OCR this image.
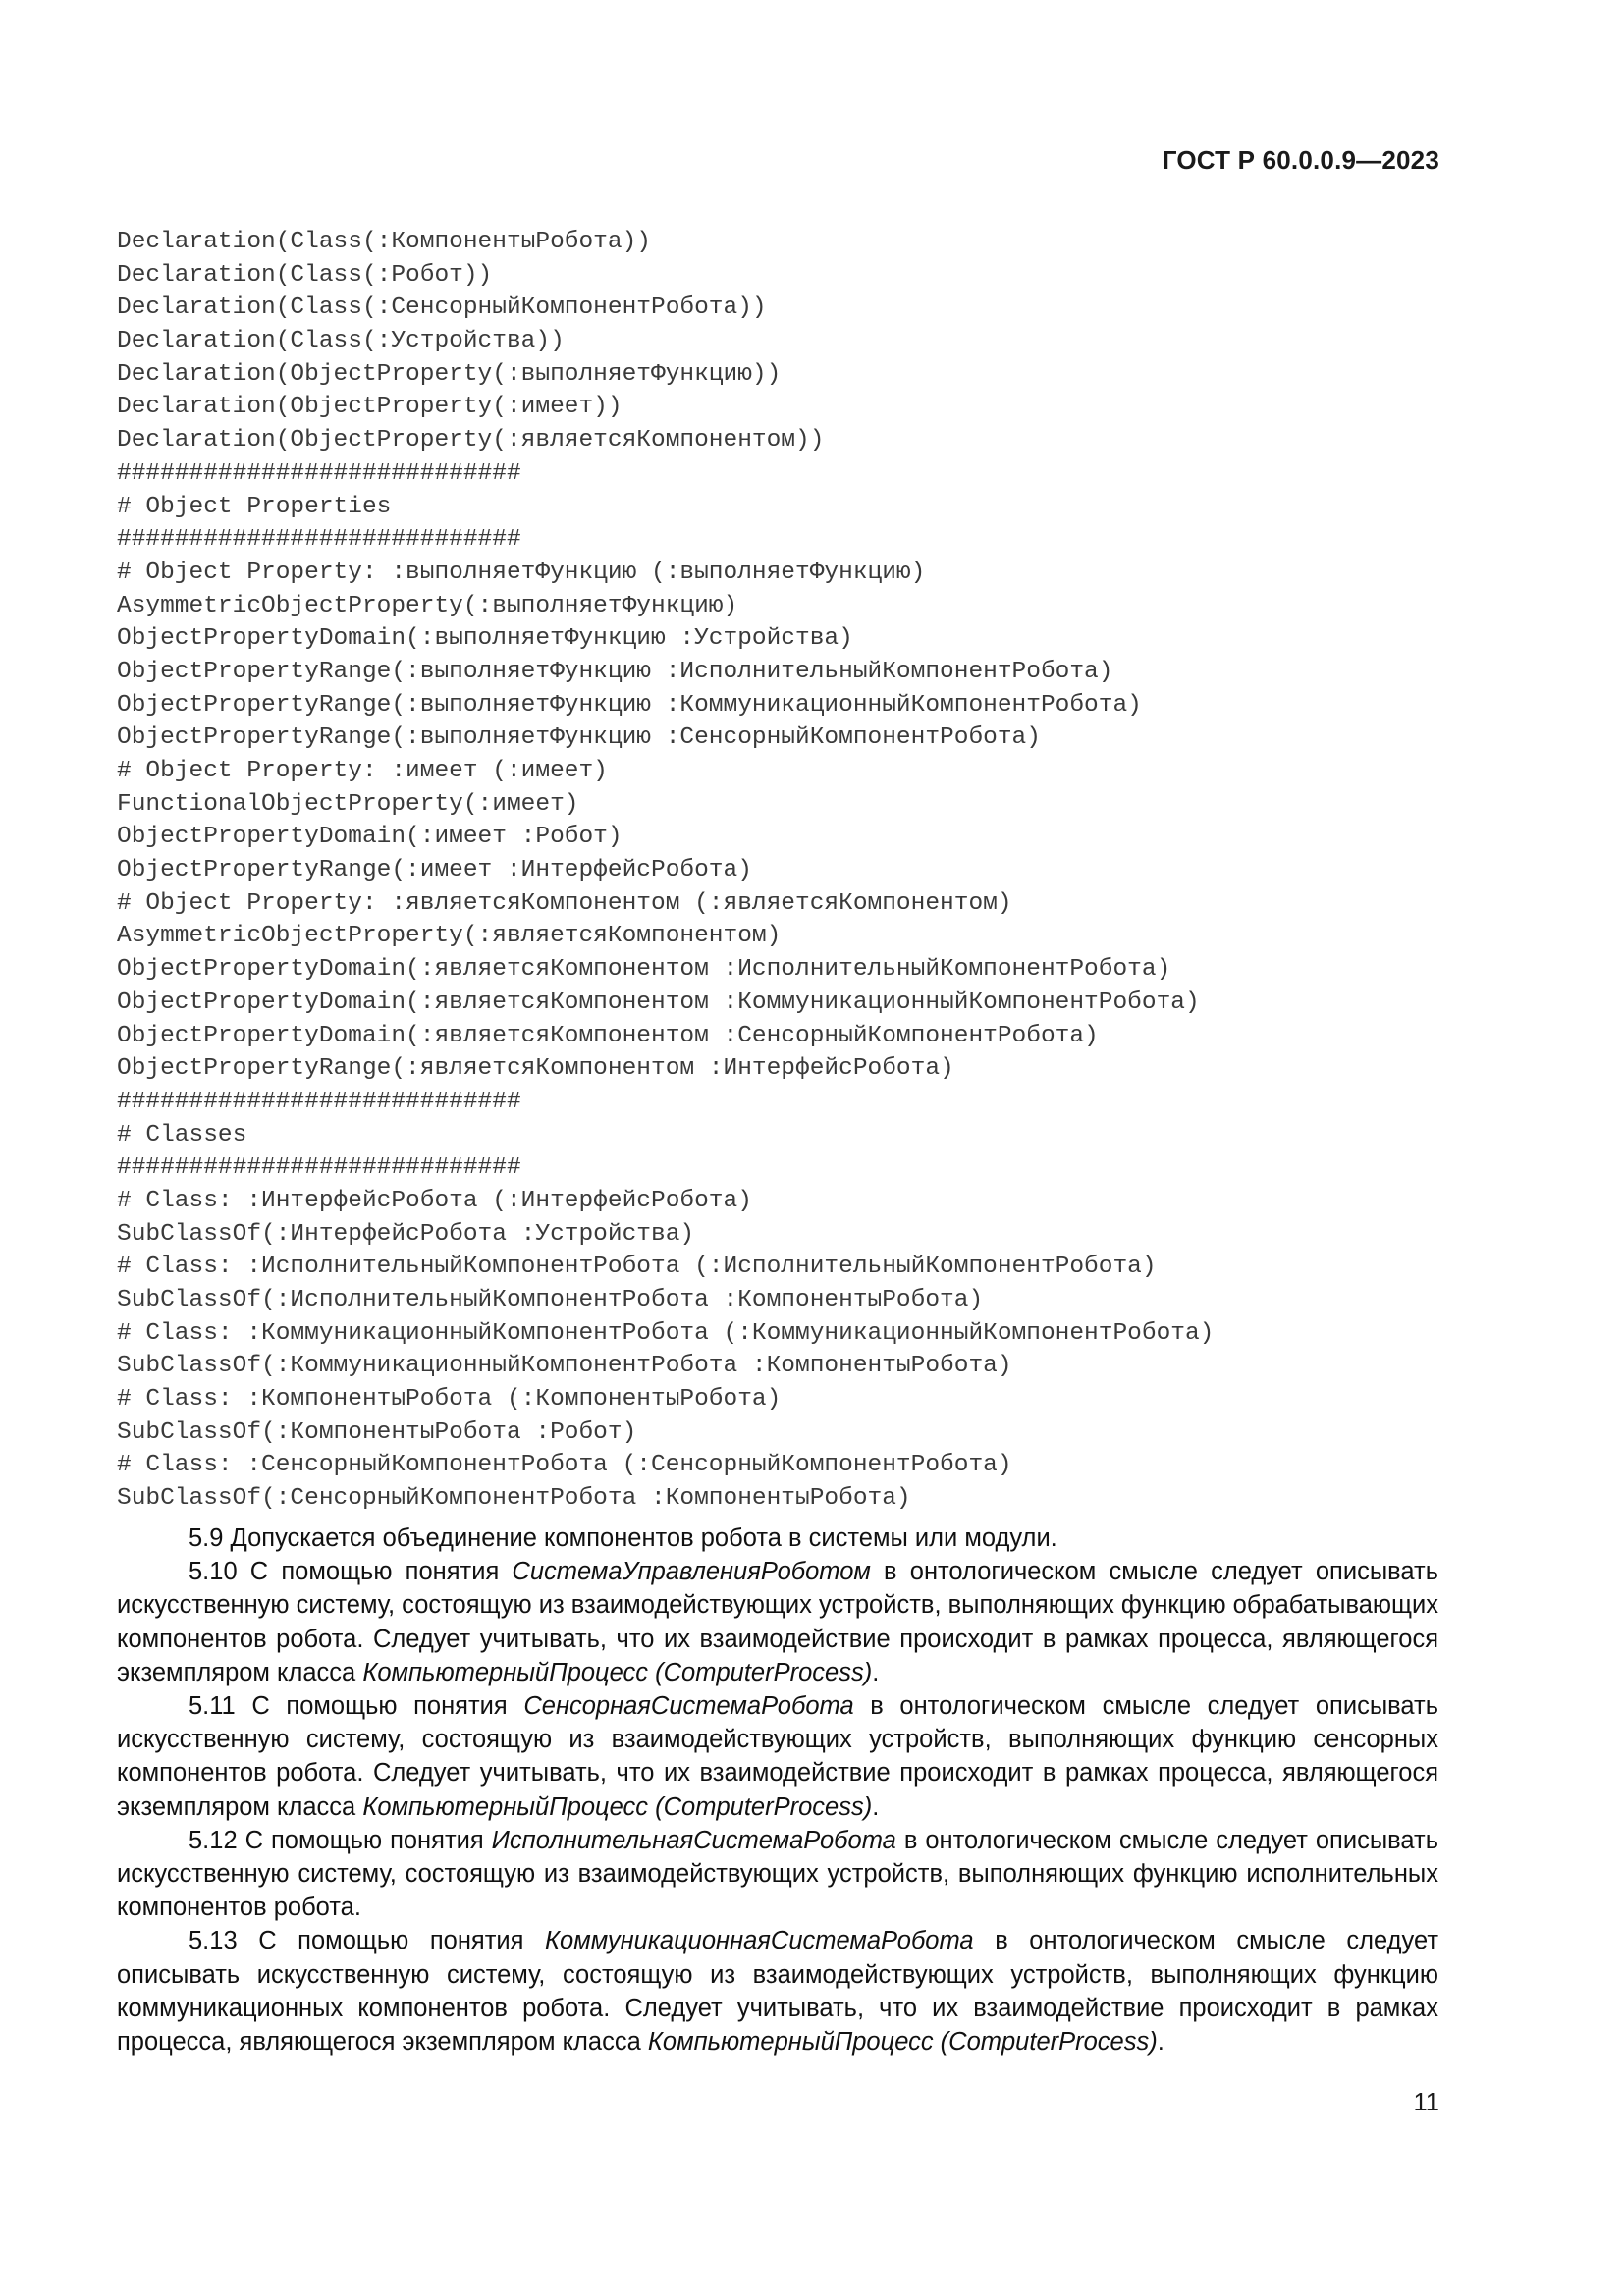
ГОСТ Р 60.0.0.9—2023
Declaration(Class(:КомпонентыРобота))
Declaration(Class(:Робот))
Declaration(Class(:СенсорныйКомпонентРобота))
Declaration(Class(:Устройства))
Declaration(ObjectProperty(:выполняетФункцию))
Declaration(ObjectProperty(:имеет))
Declaration(ObjectProperty(:являетсяКомпонентом))
############################
# Object Properties
############################
# Object Property: :выполняетФункцию (:выполняетФункцию)
AsymmetricObjectProperty(:выполняетФункцию)
ObjectPropertyDomain(:выполняетФункцию :Устройства)
ObjectPropertyRange(:выполняетФункцию :ИсполнительныйКомпонентРобота)
ObjectPropertyRange(:выполняетФункцию :КоммуникационныйКомпонентРобота)
ObjectPropertyRange(:выполняетФункцию :СенсорныйКомпонентРобота)
# Object Property: :имеет (:имеет)
FunctionalObjectProperty(:имеет)
ObjectPropertyDomain(:имеет :Робот)
ObjectPropertyRange(:имеет :ИнтерфейсРобота)
# Object Property: :являетсяКомпонентом (:являетсяКомпонентом)
AsymmetricObjectProperty(:являетсяКомпонентом)
ObjectPropertyDomain(:являетсяКомпонентом :ИсполнительныйКомпонентРобота)
ObjectPropertyDomain(:являетсяКомпонентом :КоммуникационныйКомпонентРобота)
ObjectPropertyDomain(:являетсяКомпонентом :СенсорныйКомпонентРобота)
ObjectPropertyRange(:являетсяКомпонентом :ИнтерфейсРобота)
############################
# Classes
############################
# Class: :ИнтерфейсРобота (:ИнтерфейсРобота)
SubClassOf(:ИнтерфейсРобота :Устройства)
# Class: :ИсполнительныйКомпонентРобота (:ИсполнительныйКомпонентРобота)
SubClassOf(:ИсполнительныйКомпонентРобота :КомпонентыРобота)
# Class: :КоммуникационныйКомпонентРобота (:КоммуникационныйКомпонентРобота)
SubClassOf(:КоммуникационныйКомпонентРобота :КомпонентыРобота)
# Class: :КомпонентыРобота (:КомпонентыРобота)
SubClassOf(:КомпонентыРобота :Робот)
# Class: :СенсорныйКомпонентРобота (:СенсорныйКомпонентРобота)
SubClassOf(:СенсорныйКомпонентРобота :КомпонентыРобота)

5.9 Допускается объединение компонентов робота в системы или модули.

5.10 С помощью понятия СистемаУправленияРоботом в онтологическом смысле следует описывать искусственную систему, состоящую из взаимодействующих устройств, выполняющих функцию обрабатывающих компонентов робота. Следует учитывать, что их взаимодействие происходит в рамках процесса, являющегося экземпляром класса КомпьютерныйПроцесс (ComputerProcess).

5.11 С помощью понятия СенсорнаяСистемаРобота в онтологическом смысле следует описывать искусственную систему, состоящую из взаимодействующих устройств, выполняющих функцию сенсорных компонентов робота. Следует учитывать, что их взаимодействие происходит в рамках процесса, являющегося экземпляром класса КомпьютерныйПроцесс (ComputerProcess).

5.12 С помощью понятия ИсполнительнаяСистемаРобота в онтологическом смысле следует описывать искусственную систему, состоящую из взаимодействующих устройств, выполняющих функцию исполнительных компонентов робота.

5.13 С помощью понятия КоммуникационнаяСистемаРобота в онтологическом смысле следует описывать искусственную систему, состоящую из взаимодействующих устройств, выполняющих функцию коммуникационных компонентов робота. Следует учитывать, что их взаимодействие происходит в рамках процесса, являющегося экземпляром класса КомпьютерныйПроцесс (ComputerProcess).

11
